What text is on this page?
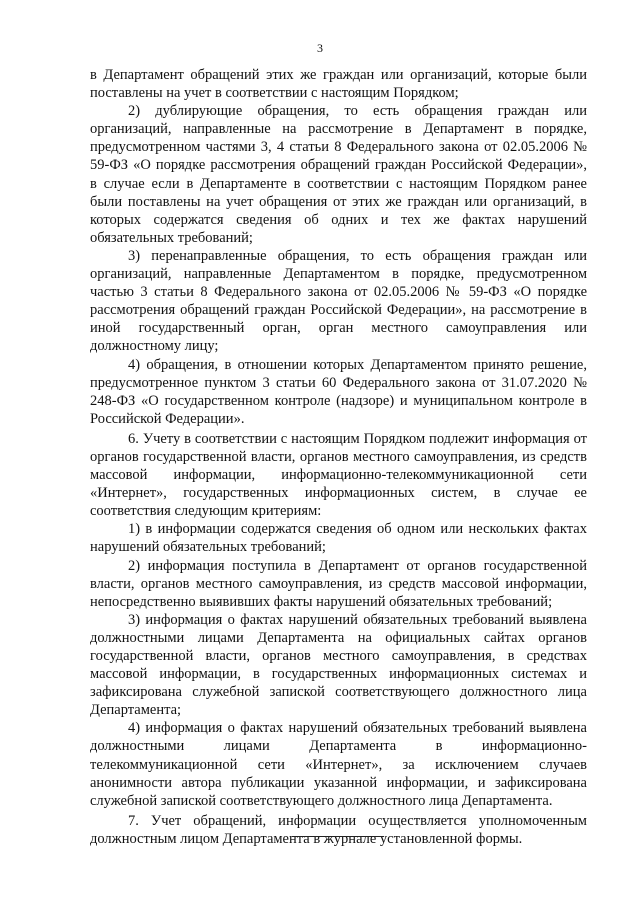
3

в Департамент обращений этих же граждан или организаций, которые были поставлены на учет в соответствии с настоящим Порядком;

2) дублирующие обращения, то есть обращения граждан или организаций, направленные на рассмотрение в Департамент в порядке, предусмотренном частями 3, 4 статьи 8 Федерального закона от 02.05.2006 № 59-ФЗ «О порядке рассмотрения обращений граждан Российской Федерации», в случае если в Департаменте в соответствии с настоящим Порядком ранее были поставлены на учет обращения от этих же граждан или организаций, в которых содержатся сведения об одних и тех же фактах нарушений обязательных требований;

3) перенаправленные обращения, то есть обращения граждан или организаций, направленные Департаментом в порядке, предусмотренном частью 3 статьи 8 Федерального закона от 02.05.2006 № 59-ФЗ «О порядке рассмотрения обращений граждан Российской Федерации», на рассмотрение в иной государственный орган, орган местного самоуправления или должностному лицу;

4) обращения, в отношении которых Департаментом принято решение, предусмотренное пунктом 3 статьи 60 Федерального закона от 31.07.2020 № 248-ФЗ «О государственном контроле (надзоре) и муниципальном контроле в Российской Федерации».

6. Учету в соответствии с настоящим Порядком подлежит информация от органов государственной власти, органов местного самоуправления, из средств массовой информации, информационно-телекоммуникационной сети «Интернет», государственных информационных систем, в случае ее соответствия следующим критериям:

1) в информации содержатся сведения об одном или нескольких фактах нарушений обязательных требований;

2) информация поступила в Департамент от органов государственной власти, органов местного самоуправления, из средств массовой информации, непосредственно выявивших факты нарушений обязательных требований;

3) информация о фактах нарушений обязательных требований выявлена должностными лицами Департамента на официальных сайтах органов государственной власти, органов местного самоуправления, в средствах массовой информации, в государственных информационных системах и зафиксирована служебной запиской соответствующего должностного лица Департамента;

4) информация о фактах нарушений обязательных требований выявлена должностными лицами Департамента в информационно-телекоммуникационной сети «Интернет», за исключением случаев анонимности автора публикации указанной информации, и зафиксирована служебной запиской соответствующего должностного лица Департамента.

7. Учет обращений, информации осуществляется уполномоченным должностным лицом Департамента в журнале установленной формы.
